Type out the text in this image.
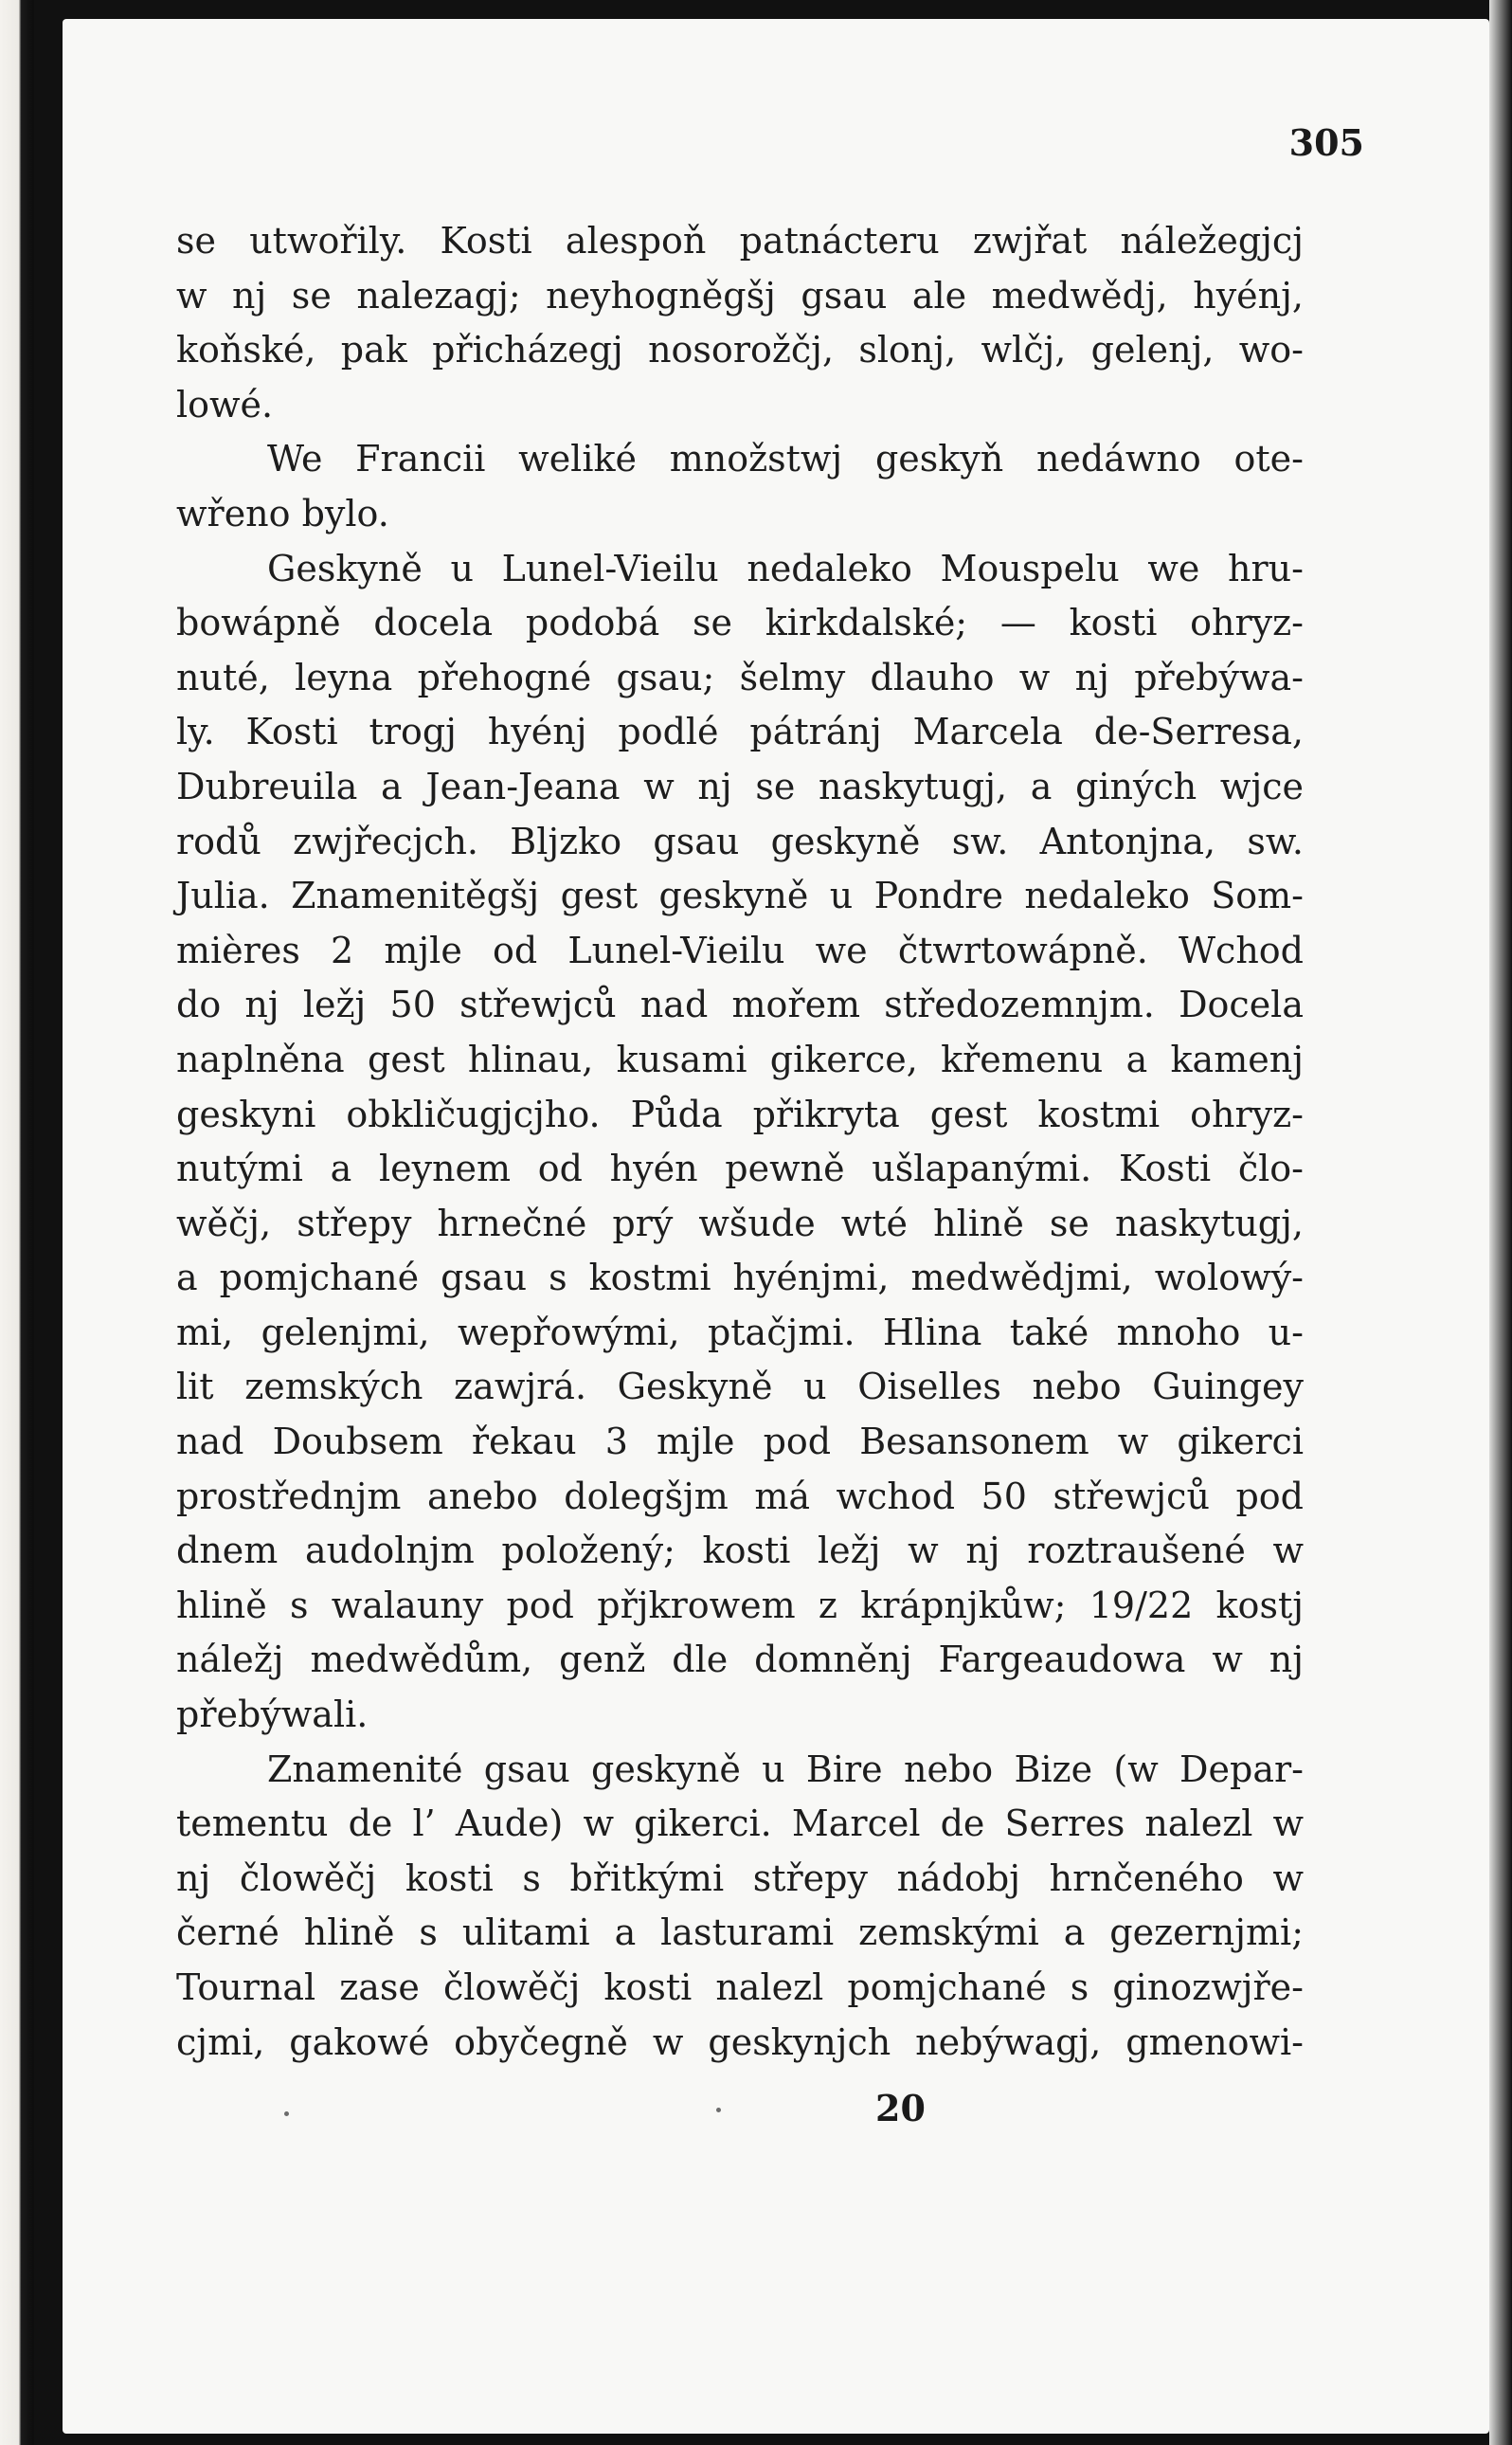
305
se utwořily. Kosti alespoň patnácteru zwjřat náležegjcj
w nj se nalezagj; neyhogněgšj gsau ale medwědj, hyénj,
koňské, pak přicházegj nosorožčj, slonj, wlčj, gelenj, wo-
lowé.
We Francii weliké množstwj geskyň nedáwno ote-
wřeno bylo.
Geskyně u Lunel-Vieilu nedaleko Mouspelu we hru-
bowápně docela podobá se kirkdalské; — kosti ohryz-
nuté, leyna přehogné gsau; šelmy dlauho w nj přebýwa-
ly. Kosti trogj hyénj podlé pátránj Marcela de-Serresa,
Dubreuila a Jean-Jeana w nj se naskytugj, a giných wjce
rodů zwjřecjch. Bljzko gsau geskyně sw. Antonjna, sw.
Julia. Znamenitěgšj gest geskyně u Pondre nedaleko Som-
mières 2 mjle od Lunel-Vieilu we čtwrtowápně. Wchod
do nj ležj 50 střewjců nad mořem středozemnjm. Docela
naplněna gest hlinau, kusami gikerce, křemenu a kamenj
geskyni obkličugjcjho. Půda přikryta gest kostmi ohryz-
nutými a leynem od hyén pewně ušlapanými. Kosti člo-
wěčj, střepy hrnečné prý wšude wté hlině se naskytugj,
a pomjchané gsau s kostmi hyénjmi, medwědjmi, wolowý-
mi, gelenjmi, wepřowými, ptačjmi. Hlina také mnoho u-
lit zemských zawjrá. Geskyně u Oiselles nebo Guingey
nad Doubsem řekau 3 mjle pod Besansonem w gikerci
prostřednjm anebo dolegšjm má wchod 50 střewjců pod
dnem audolnjm položený; kosti ležj w nj roztraušené w
hlině s walauny pod přjkrowem z krápnjkůw; 19/22 kostj
náležj medwědům, genž dle domněnj Fargeaudowa w nj
přebýwali.
Znamenité gsau geskyně u Bire nebo Bize (w Depar-
tementu de l’ Aude) w gikerci. Marcel de Serres nalezl w
nj člowěčj kosti s břitkými střepy nádobj hrnčeného w
černé hlině s ulitami a lasturami zemskými a gezernjmi;
Tournal zase člowěčj kosti nalezl pomjchané s ginozwjře-
cjmi, gakowé obyčegně w geskynjch nebýwagj, gmenowi-
20
